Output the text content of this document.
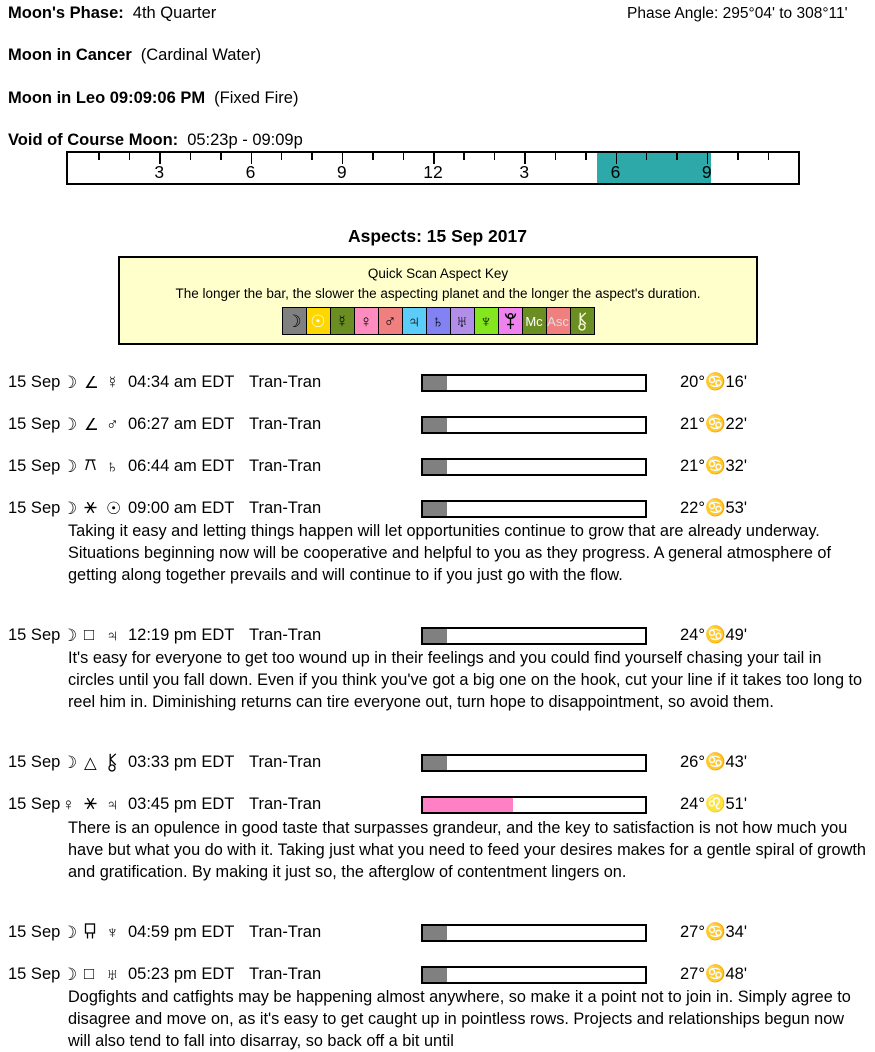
Moon's Phase: 4th Quarter	Phase Angle: 295°04' to 308°11'
Moon in Cancer (Cardinal Water)
Moon in Leo 09:09:06 PM (Fixed Fire)
Void of Course Moon: 05:23p - 09:09p
3	6	9	12	3	6	9
Aspects: 15 Sep 2017
Quick Scan Aspect Key
The longer the bar, the slower the aspecting planet and the longer the aspect's duration.
☽ ☉ ☿ ♀ ♂ ♃ ♄ ♅ ♆	Mc Asc
15 Sep ☽ ∠ ☿ 04:34 am EDT Tran-Tran	20°♋16'
15 Sep ☽ ∠ ♂ 06:27 am EDT Tran-Tran	21°♋22'
15 Sep ☽ ♄ 06:44 am EDT Tran-Tran	21°♋32'
15 Sep ☽ ☉ 09:00 am EDT Tran-Tran	22°♋53'
Taking it easy and letting things happen will let opportunities continue to grow that are already underway. Situations beginning now will be cooperative and helpful to you as they progress. A general atmosphere of getting along together prevails and will continue to if you just go with the flow.
15 Sep ☽ □ ♃ 12:19 pm EDT Tran-Tran	24°♋49'
It's easy for everyone to get too wound up in their feelings and you could find yourself chasing your tail in circles until you fall down. Even if you think you've got a big one on the hook, cut your line if it takes too long to reel him in. Diminishing returns can tire everyone out, turn hope to disappointment, so avoid them.
15 Sep ☽ △ 03:33 pm EDT Tran-Tran	26°♋43'
15 Sep ♀ ♃ 03:45 pm EDT Tran-Tran	24°♌51'
There is an opulence in good taste that surpasses grandeur, and the key to satisfaction is not how much you have but what you do with it. Taking just what you need to feed your desires makes for a gentle spiral of growth and gratification. By making it just so, the afterglow of contentment lingers on.
15 Sep ☽ ♆ 04:59 pm EDT Tran-Tran	27°♋34'
15 Sep ☽ □ ♅ 05:23 pm EDT Tran-Tran	27°♋48'
Dogfights and catfights may be happening almost anywhere, so make it a point not to join in. Simply agree to disagree and move on, as it's easy to get caught up in pointless rows. Projects and relationships begun now will also tend to fall into disarray, so back off a bit until
